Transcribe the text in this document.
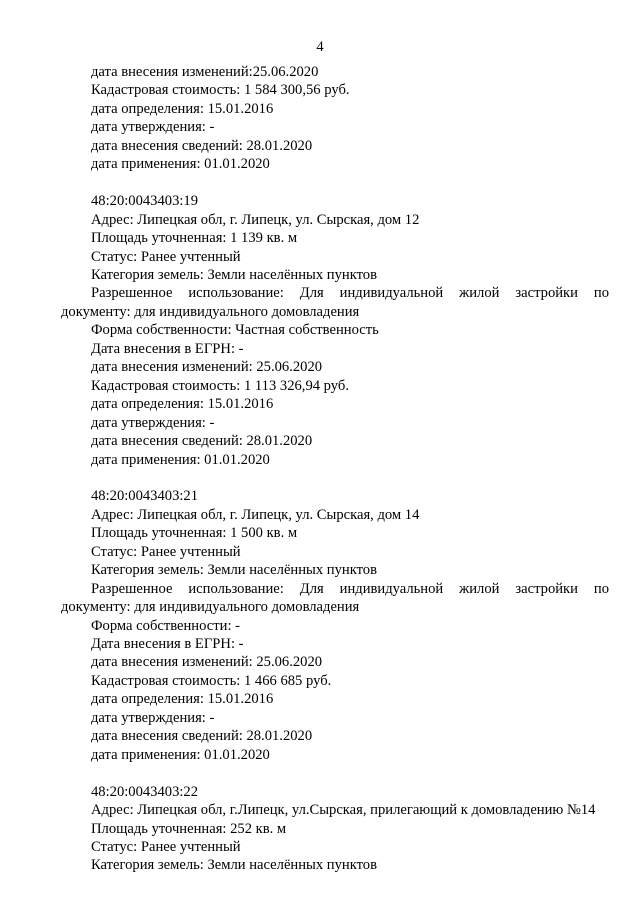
4
дата внесения изменений:25.06.2020
Кадастровая стоимость: 1 584 300,56 руб.
дата определения: 15.01.2016
дата утверждения: -
дата внесения сведений: 28.01.2020
дата применения: 01.01.2020
48:20:0043403:19
Адрес: Липецкая обл, г. Липецк, ул. Сырская, дом 12
Площадь уточненная: 1 139 кв. м
Статус: Ранее учтенный
Категория земель: Земли населённых пунктов
Разрешенное использование: Для индивидуальной жилой застройки по
документу: для индивидуального домовладения
Форма собственности: Частная собственность
Дата внесения в ЕГРН: -
дата внесения изменений: 25.06.2020
Кадастровая стоимость: 1 113 326,94 руб.
дата определения: 15.01.2016
дата утверждения: -
дата внесения сведений: 28.01.2020
дата применения: 01.01.2020
48:20:0043403:21
Адрес: Липецкая обл, г. Липецк, ул. Сырская, дом 14
Площадь уточненная: 1 500 кв. м
Статус: Ранее учтенный
Категория земель: Земли населённых пунктов
Разрешенное использование: Для индивидуальной жилой застройки по
документу: для индивидуального домовладения
Форма собственности: -
Дата внесения в ЕГРН: -
дата внесения изменений: 25.06.2020
Кадастровая стоимость: 1 466 685 руб.
дата определения: 15.01.2016
дата утверждения: -
дата внесения сведений: 28.01.2020
дата применения: 01.01.2020
48:20:0043403:22
Адрес: Липецкая обл, г.Липецк, ул.Сырская, прилегающий к домовладению №14
Площадь уточненная: 252 кв. м
Статус: Ранее учтенный
Категория земель: Земли населённых пунктов
